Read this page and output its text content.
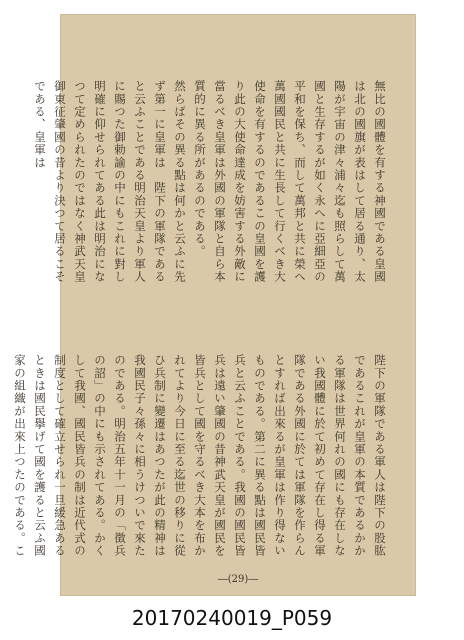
無比の國體を有する神國である皇國は北の國旗が表はして居る通り、太陽が宇宙の津々浦々迄も照らして萬國と生存するが如く永へに亞細亞の平和を保ち、而して萬邦と共に榮へ萬國國民と共に生長して行くべき大使命を有するのであるこの皇國を護り此の大使命達成を妨害する外敵に當るべき皇軍は外國の軍隊と自ら本質的に異る所があるのである。
然らばその異る點は何かと云ふに先ず第一に皇軍は　陛下の軍隊であると云ふことである明治天皇より軍人に賜つた御勅諭の中にもこれに對し明確に仰せられてある此は明治になつて定められたのではなく神武天皇御東征肇國の昔より決つて居るこそである、皇軍は
陛下の軍隊である軍人は陛下の股肱であるこれが皇軍の本質であるかかる軍隊は世界何れの國にも存在しない我國體に於て初めて存在し得る軍隊である外國に於ては軍隊を作らんとすれば出來るが皇軍は作り得ないものである。第二に異る點は國民皆兵と云ふことである。我國の國民皆兵は遠い肇國の昔神武天皇が國民を皆兵として國を守るべき大本を布かれてより今日に至る迄世の移りに從ひ兵制に變遷はあつたが此の精神は我國民子々孫々に相うけついで來たのである。明治五年十一月の「徴兵の詔」の中にも示されてある。かくして我國、國民皆兵の制は近代式の制度として確立せられ一旦緩急あるときは國民擧げて國を護ると云ふ國家の組織が出來上つたのである。こ
―(29)―
20170240019_P059
